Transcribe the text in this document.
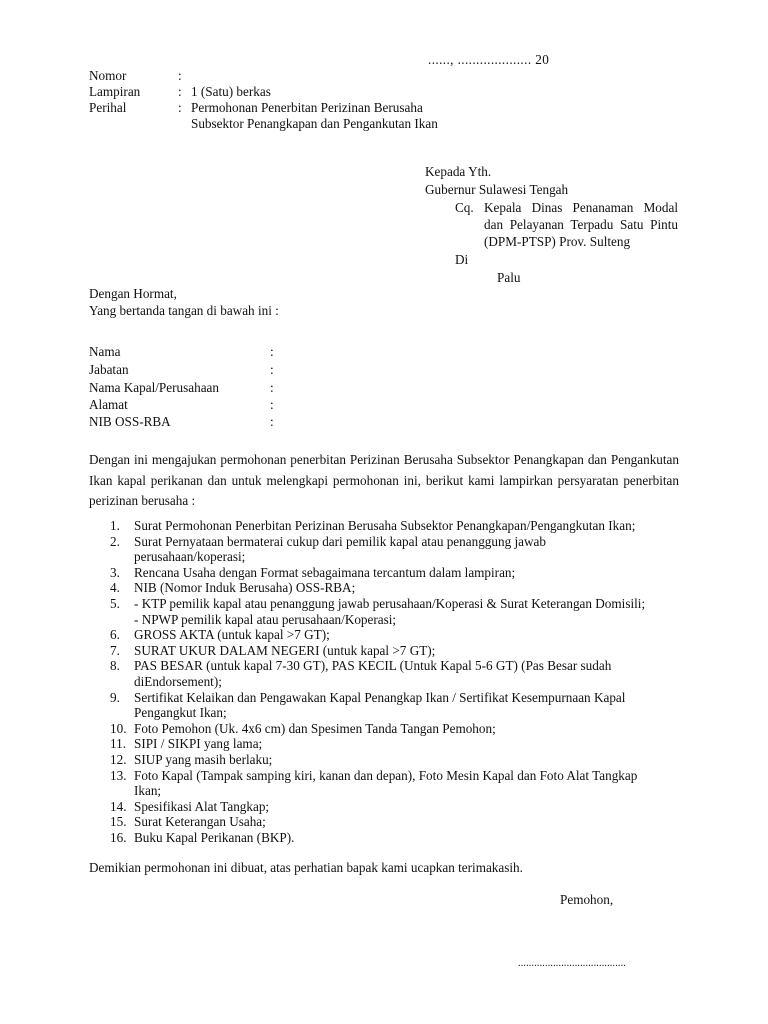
......, .................... 20
Nomor	:
Lampiran	: 1 (Satu) berkas
Perihal	: Permohonan Penerbitan Perizinan Berusaha
Subsektor Penangkapan dan Pengankutan Ikan
Kepada Yth.
Gubernur Sulawesi Tengah
Cq. Kepala Dinas Penanaman Modal
dan Pelayanan Terpadu Satu Pintu
(DPM-PTSP) Prov. Sulteng
Di
Palu
Dengan Hormat,
Yang bertanda tangan di bawah ini :
Nama	:
Jabatan	:
Nama Kapal/Perusahaan	:
Alamat	:
NIB OSS-RBA	:
Dengan ini mengajukan permohonan penerbitan Perizinan Berusaha Subsektor Penangkapan dan Pengankutan Ikan kapal perikanan dan untuk melengkapi permohonan ini, berikut kami lampirkan persyaratan penerbitan perizinan berusaha :
1. Surat Permohonan Penerbitan Perizinan Berusaha Subsektor Penangkapan/Pengangkutan Ikan;
2. Surat Pernyataan bermaterai cukup dari pemilik kapal atau penanggung jawab
perusahaan/koperasi;
3. Rencana Usaha dengan Format sebagaimana tercantum dalam lampiran;
4. NIB (Nomor Induk Berusaha) OSS-RBA;
5. - KTP pemilik kapal atau penanggung jawab perusahaan/Koperasi & Surat Keterangan Domisili;
- NPWP pemilik kapal atau perusahaan/Koperasi;
6. GROSS AKTA (untuk kapal >7 GT);
7. SURAT UKUR DALAM NEGERI (untuk kapal >7 GT);
8. PAS BESAR (untuk kapal 7-30 GT), PAS KECIL (Untuk Kapal 5-6 GT) (Pas Besar sudah
diEndorsement);
9. Sertifikat Kelaikan dan Pengawakan Kapal Penangkap Ikan / Sertifikat Kesempurnaan Kapal
Pengangkut Ikan;
10. Foto Pemohon (Uk. 4x6 cm) dan Spesimen Tanda Tangan Pemohon;
11. SIPI / SIKPI yang lama;
12. SIUP yang masih berlaku;
13. Foto Kapal (Tampak samping kiri, kanan dan depan), Foto Mesin Kapal dan Foto Alat Tangkap
Ikan;
14. Spesifikasi Alat Tangkap;
15. Surat Keterangan Usaha;
16. Buku Kapal Perikanan (BKP).
Demikian permohonan ini dibuat, atas perhatian bapak kami ucapkan terimakasih.
Pemohon,
........................................
